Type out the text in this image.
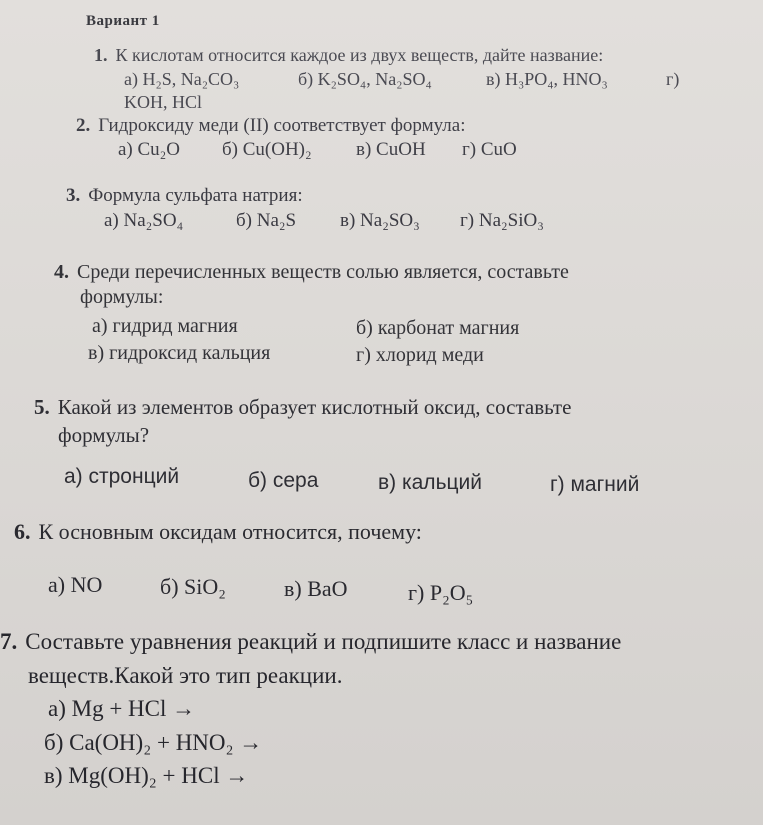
Вариант 1
1. К кислотам относится каждое из двух веществ, дайте название:
а) H₂S, Na₂CO₃	б) K₂SO₄, Na₂SO₄	в) H₃PO₄, HNO₃	г)
KOH, HCl
2. Гидроксиду меди (II) соответствует формула:
а) Cu₂O б) Cu(OH)₂ в) CuOH г) CuO
3. Формула сульфата натрия:
а) Na₂SO₄	б) Na₂S в) Na₂SO₃ г) Na₂SiO₃
4. Среди перечисленных веществ солью является, составьте
формулы:
а) гидрид магния	б) карбонат магния
в) гидроксид кальция	г) хлорид меди
5. Какой из элементов образует кислотный оксид, составьте
формулы?
а) стронций	б) сера	в) кальций	г) магний
6. К основным оксидам относится, почему:
а) NO	б) SiO₂	в) BaO	г) P₂O₅
7. Составьте уравнения реакций и подпишите класс и название
веществ.Какой это тип реакции.
а) Mg + HCl →
б) Ca(OH)₂ + HNO₂ →
в) Mg(OH)₂ + HCl →
